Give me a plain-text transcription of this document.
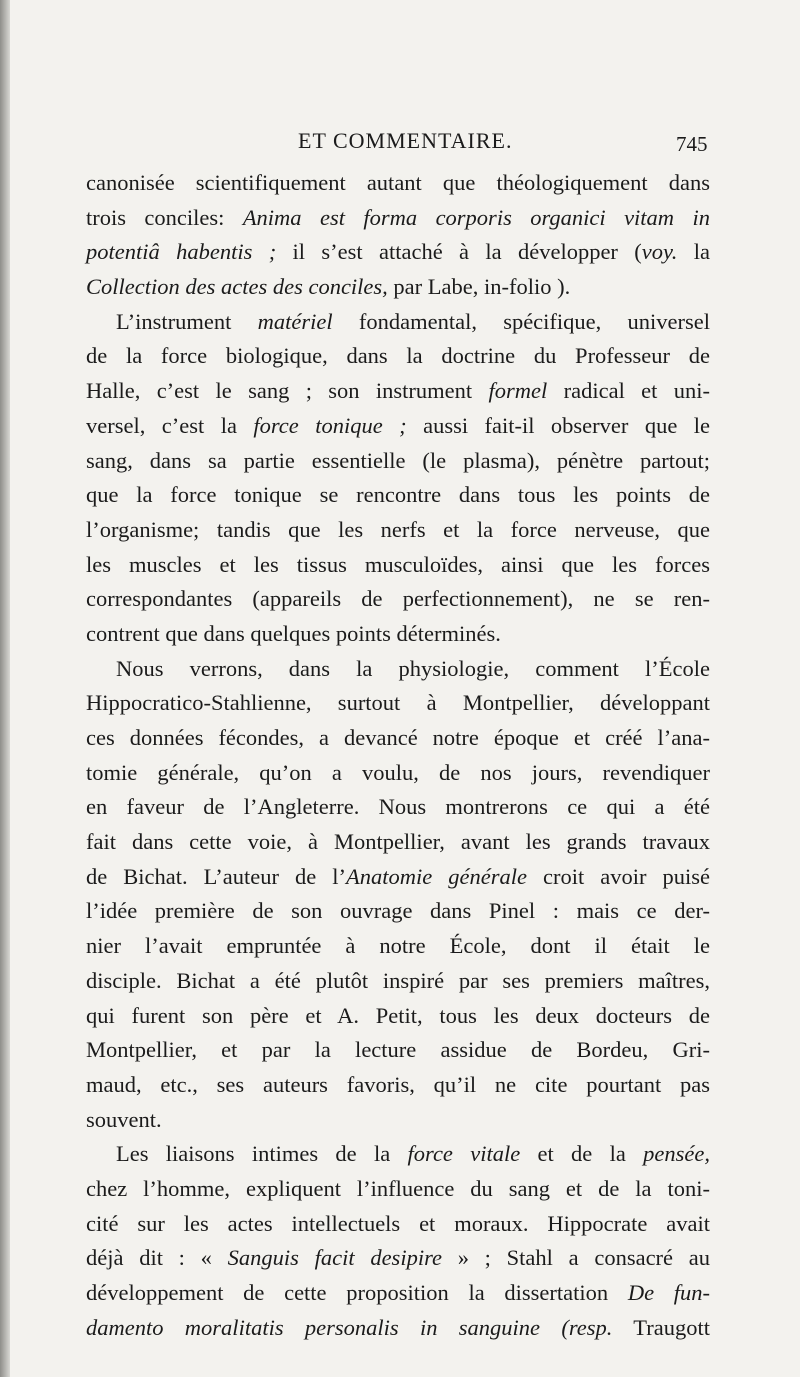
ET COMMENTAIRE.	745
canonisée scientifiquement autant que théologiquement dans
trois conciles: Anima est forma corporis organici vitam in
potentiâ habentis ; il s’est attaché à la développer (voy. la
Collection des actes des conciles, par Labe, in-folio ).
L’instrument matériel fondamental, spécifique, universel
de la force biologique, dans la doctrine du Professeur de
Halle, c’est le sang ; son instrument formel radical et uni-
versel, c’est la force tonique ; aussi fait-il observer que le
sang, dans sa partie essentielle (le plasma), pénètre partout;
que la force tonique se rencontre dans tous les points de
l’organisme; tandis que les nerfs et la force nerveuse, que
les muscles et les tissus musculoïdes, ainsi que les forces
correspondantes (appareils de perfectionnement), ne se ren-
contrent que dans quelques points déterminés.
Nous verrons, dans la physiologie, comment l’École
Hippocratico-Stahlienne, surtout à Montpellier, développant
ces données fécondes, a devancé notre époque et créé l’ana-
tomie générale, qu’on a voulu, de nos jours, revendiquer
en faveur de l’Angleterre. Nous montrerons ce qui a été
fait dans cette voie, à Montpellier, avant les grands travaux
de Bichat. L’auteur de l’Anatomie générale croit avoir puisé
l’idée première de son ouvrage dans Pinel : mais ce der-
nier l’avait empruntée à notre École, dont il était le
disciple. Bichat a été plutôt inspiré par ses premiers maîtres,
qui furent son père et A. Petit, tous les deux docteurs de
Montpellier, et par la lecture assidue de Bordeu, Gri-
maud, etc., ses auteurs favoris, qu’il ne cite pourtant pas
souvent.
Les liaisons intimes de la force vitale et de la pensée,
chez l’homme, expliquent l’influence du sang et de la toni-
cité sur les actes intellectuels et moraux. Hippocrate avait
déjà dit : « Sanguis facit desipire » ; Stahl a consacré au
développement de cette proposition la dissertation De fun-
damento moralitatis personalis in sanguine (resp. Traugott
